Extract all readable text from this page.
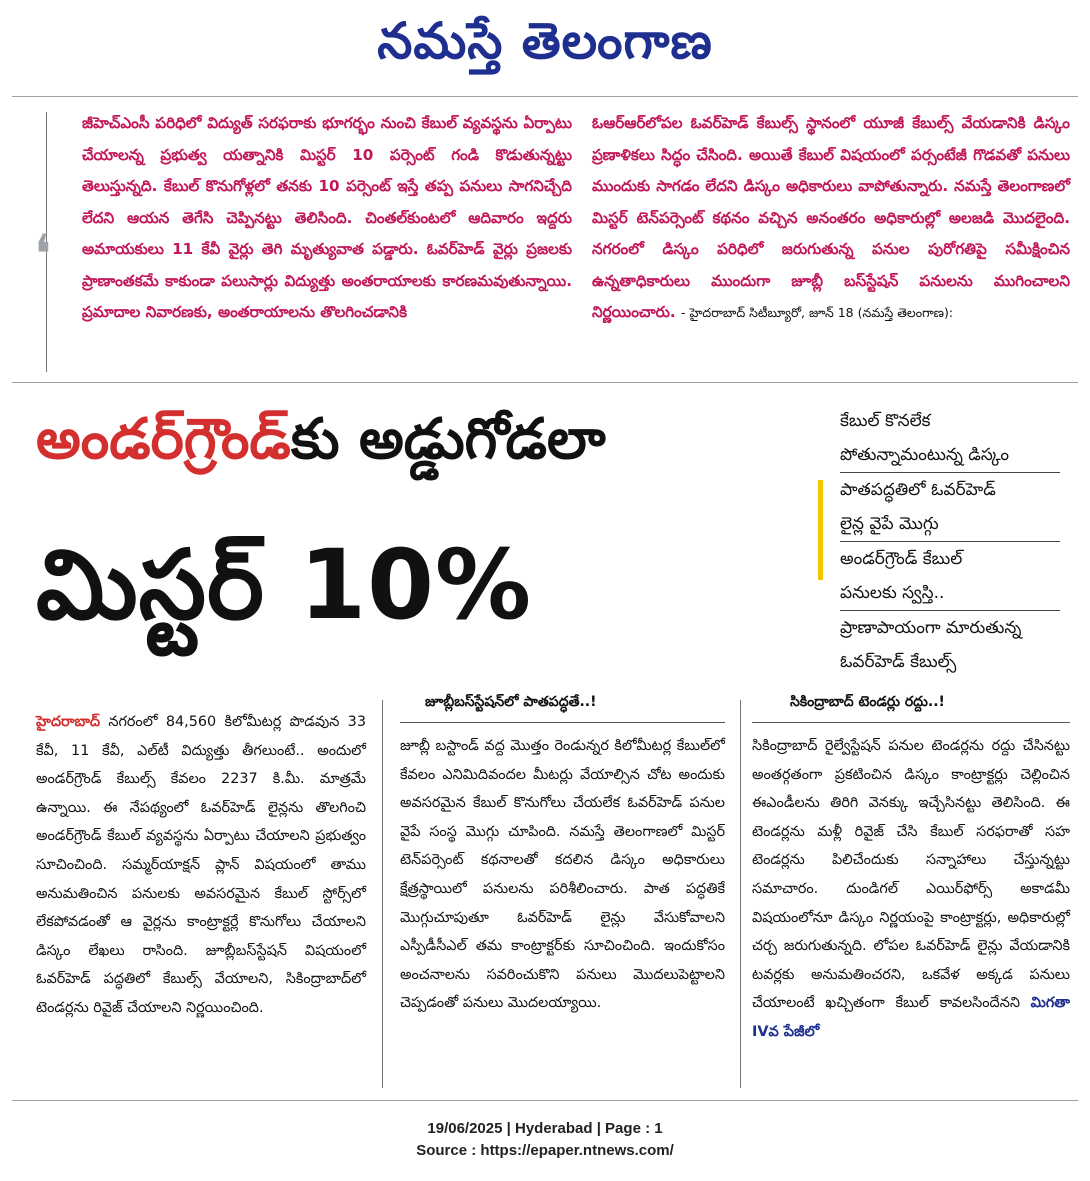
నమస్తే తెలంగాణ
❛
జీహెచ్‌ఎంసీ పరిధిలో విద్యుత్‌ సరఫరాకు భూగర్భం నుంచి కేబుల్‌ వ్యవస్థను ఏర్పాటు చేయాలన్న ప్రభుత్వ యత్నానికి మిస్టర్‌ 10 పర్సెంట్‌ గండి కొడుతున్నట్టు తెలుస్తున్నది. కేబుల్‌ కొనుగోళ్లలో తనకు 10 పర్సెంట్‌ ఇస్తే తప్ప పనులు సాగనిచ్చేది లేదని ఆయన తెగేసి చెప్పినట్టు తెలిసింది. చింతల్‌కుంటలో ఆదివారం ఇద్దరు అమాయకులు 11 కేవీ వైర్లు తెగి మృత్యువాత పడ్డారు. ఓవర్‌హెడ్‌ వైర్లు ప్రజలకు ప్రాణాంతకమే కాకుండా పలుసార్లు విద్యుత్తు అంతరాయాలకు కారణమవుతున్నాయి. ప్రమాదాల నివారణకు, అంతరాయాలను తొలగించడానికి
ఓఆర్‌ఆర్‌లోపల ఓవర్‌హెడ్‌ కేబుల్స్‌ స్థానంలో యూజీ కేబుల్స్‌ వేయడానికి డిస్కం ప్రణాళికలు సిద్ధం చేసింది. అయితే కేబుల్‌ విషయంలో పర్సంటేజీ గొడవతో పనులు ముందుకు సాగడం లేదని డిస్కం అధికారులు వాపోతున్నారు. నమస్తే తెలంగాణలో మిస్టర్‌ టెన్‌పర్సెంట్‌ కథనం వచ్చిన అనంతరం అధికారుల్లో అలజడి మొదలైంది. నగరంలో డిస్కం పరిధిలో జరుగుతున్న పనుల పురోగతిపై సమీక్షించిన ఉన్నతాధికారులు ముందుగా జూబ్లీ బస్‌స్టేషన్‌ పనులను ముగించాలని నిర్ణయించారు. - హైదరాబాద్‌ సిటీబ్యూరో, జూన్‌ 18 (నమస్తే తెలంగాణ):
అండర్‌గ్రౌండ్‌కు అడ్డుగోడలా
మిస్టర్‌ 10%
కేబుల్‌ కొనలేక
పోతున్నామంటున్న డిస్కం
పాతపద్ధతిలో ఓవర్‌హెడ్‌
లైన్ల వైపే మొగ్గు
అండర్‌గ్రౌండ్‌ కేబుల్‌
పనులకు స్వస్తి..
ప్రాణాపాయంగా మారుతున్న
ఓవర్‌హెడ్‌ కేబుల్స్‌
హైదరాబాద్‌ నగరంలో 84,560 కిలోమీటర్ల పొడవున 33 కేవీ, 11 కేవీ, ఎల్‌టీ విద్యుత్తు తీగలుంటే.. అందులో అండర్‌గ్రౌండ్‌ కేబుల్స్‌ కేవలం 2237 కి.మీ. మాత్రమే ఉన్నాయి. ఈ నేపథ్యంలో ఓవర్‌హెడ్‌ లైన్లను తొలగించి అండర్‌గ్రౌండ్‌ కేబుల్‌ వ్యవస్థను ఏర్పాటు చేయాలని ప్రభుత్వం సూచించింది. సమ్మర్‌యాక్షన్‌ ప్లాన్‌ విషయంలో తాము అనుమతించిన పనులకు అవసరమైన కేబుల్‌ స్టోర్స్‌లో లేకపోవడంతో ఆ వైర్లను కాంట్రాక్టర్లే కొనుగోలు చేయాలని డిస్కం లేఖలు రాసింది. జూబ్లీబస్‌స్టేషన్‌ విషయంలో ఓవర్‌హెడ్‌ పద్ధతిలో కేబుల్స్‌ వేయాలని, సికింద్రాబాద్‌లో టెండర్లను రివైజ్‌ చేయాలని నిర్ణయించింది.
జూబ్లీబస్‌స్టేషన్‌లో పాతపద్ధతే..!
జూబ్లీ బస్టాండ్‌ వద్ద మొత్తం రెండున్నర కిలోమీటర్ల కేబుల్‌లో కేవలం ఎనిమిదివందల మీటర్లు వేయాల్సిన చోట అందుకు అవసరమైన కేబుల్‌ కొనుగోలు చేయలేక ఓవర్‌హెడ్‌ పనుల వైపే సంస్థ మొగ్గు చూపింది. నమస్తే తెలంగాణలో మిస్టర్‌ టెన్‌పర్సెంట్‌ కథనాలతో కదలిన డిస్కం అధికారులు క్షేత్రస్థాయిలో పనులను పరిశీలించారు. పాత పద్ధతికే మొగ్గుచూపుతూ ఓవర్‌హెడ్‌ లైన్లు వేసుకోవాలని ఎస్పీడీసీఎల్‌ తమ కాంట్రాక్టర్‌కు సూచించింది. ఇందుకోసం అంచనాలను సవరించుకొని పనులు మొదలుపెట్టాలని చెప్పడంతో పనులు మొదలయ్యాయి.
సికింద్రాబాద్‌ టెండర్లు రద్దు..!
సికింద్రాబాద్‌ రైల్వేస్టేషన్‌ పనుల టెండర్లను రద్దు చేసినట్టు అంతర్గతంగా ప్రకటించిన డిస్కం కాంట్రాక్టర్లు చెల్లించిన ఈఎండీలను తిరిగి వెనక్కు ఇచ్చేసినట్టు తెలిసింది. ఈ టెండర్లను మళ్లీ రివైజ్‌ చేసి కేబుల్‌ సరఫరాతో సహ టెండర్లను పిలిచేందుకు సన్నాహాలు చేస్తున్నట్టు సమాచారం. దుండిగల్‌ ఎయిర్‌ఫోర్స్‌ అకాడమీ విషయంలోనూ డిస్కం నిర్ణయంపై కాంట్రాక్టర్లు, అధికారుల్లో చర్చ జరుగుతున్నది. లోపల ఓవర్‌హెడ్‌ లైన్లు వేయడానికి టవర్లకు అనుమతించరని, ఒకవేళ అక్కడ పనులు చేయాలంటే ఖచ్చితంగా కేబుల్‌ కావలసిందేనని మిగతా IVవ పేజీలో
19/06/2025 | Hyderabad | Page : 1
Source : https://epaper.ntnews.com/
